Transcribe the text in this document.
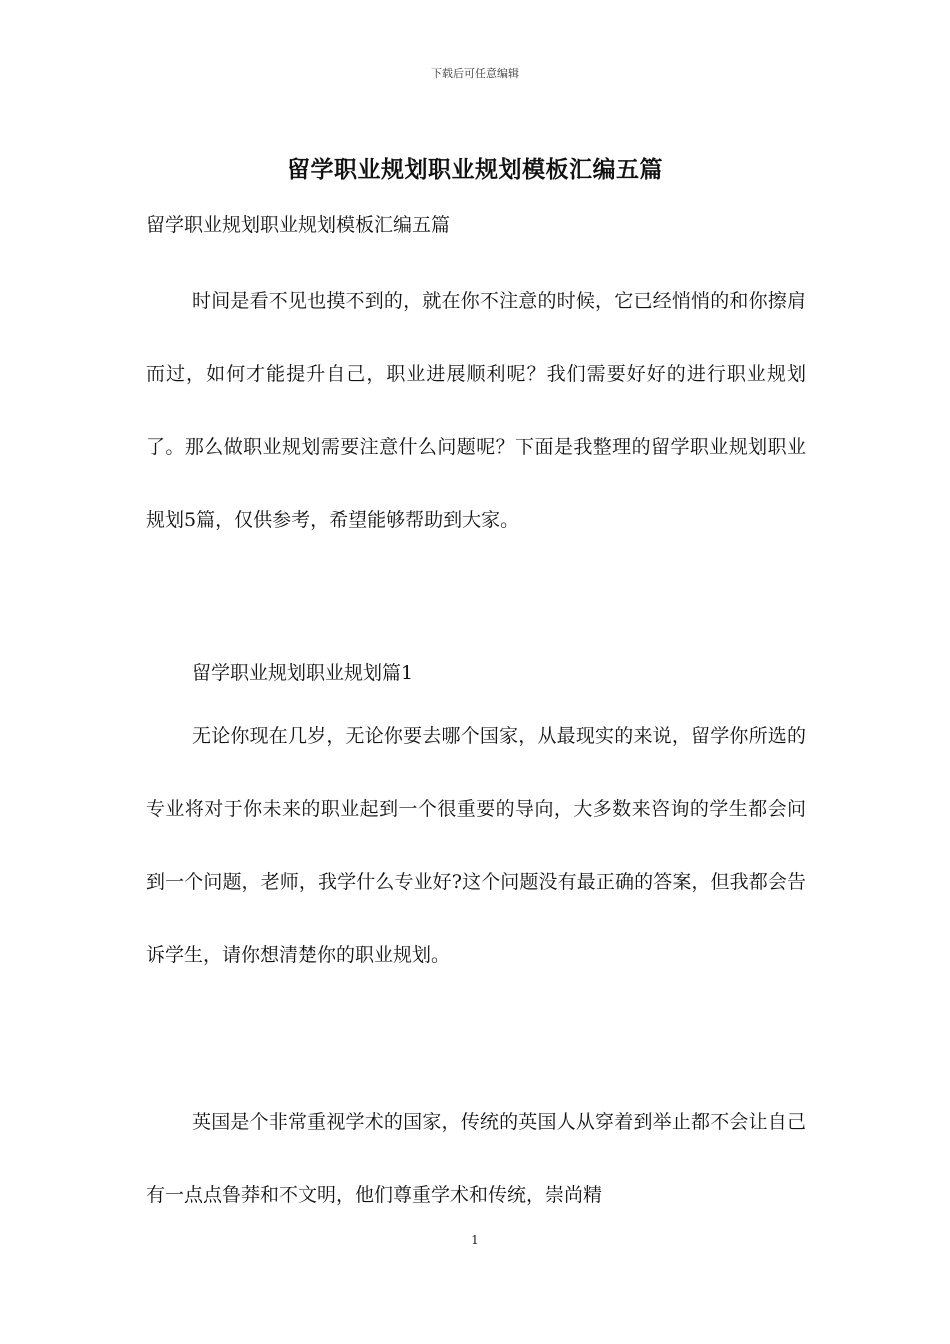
下载后可任意编辑
留学职业规划职业规划模板汇编五篇
留学职业规划职业规划模板汇编五篇

时间是看不见也摸不到的，就在你不注意的时候，它已经悄悄的和你擦肩而过，如何才能提升自己，职业进展顺利呢？我们需要好好的进行职业规划了。那么做职业规划需要注意什么问题呢？下面是我整理的留学职业规划职业规划5篇，仅供参考，希望能够帮助到大家。

留学职业规划职业规划篇1

无论你现在几岁，无论你要去哪个国家，从最现实的来说，留学你所选的专业将对于你未来的职业起到一个很重要的导向，大多数来咨询的学生都会问到一个问题，老师，我学什么专业好?这个问题没有最正确的答案，但我都会告诉学生，请你想清楚你的职业规划。

英国是个非常重视学术的国家，传统的英国人从穿着到举止都不会让自己有一点点鲁莽和不文明，他们尊重学术和传统，崇尚精

1
